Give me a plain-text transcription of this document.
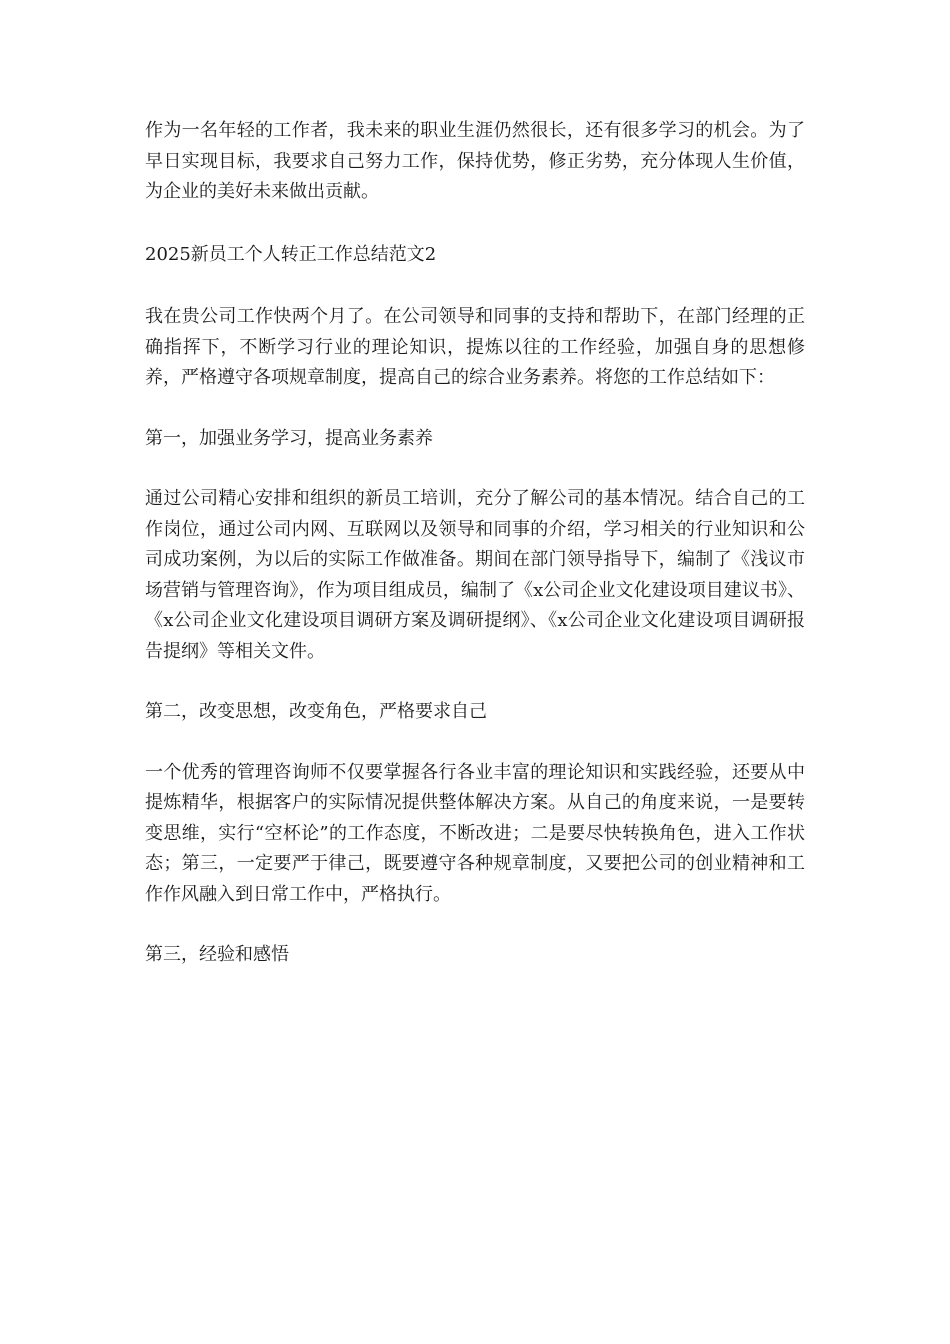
作为一名年轻的工作者，我未来的职业生涯仍然很长，还有很多学习的机会。为了早日实现目标，我要求自己努力工作，保持优势，修正劣势，充分体现人生价值，为企业的美好未来做出贡献。

2025新员工个人转正工作总结范文2

我在贵公司工作快两个月了。在公司领导和同事的支持和帮助下，在部门经理的正确指挥下，不断学习行业的理论知识，提炼以往的工作经验，加强自身的思想修养，严格遵守各项规章制度，提高自己的综合业务素养。将您的工作总结如下：

第一，加强业务学习，提高业务素养

通过公司精心安排和组织的新员工培训，充分了解公司的基本情况。结合自己的工作岗位，通过公司内网、互联网以及领导和同事的介绍，学习相关的行业知识和公司成功案例，为以后的实际工作做准备。期间在部门领导指导下，编制了《浅议市场营销与管理咨询》，作为项目组成员，编制了《x公司企业文化建设项目建议书》、《x公司企业文化建设项目调研方案及调研提纲》、《x公司企业文化建设项目调研报告提纲》等相关文件。

第二，改变思想，改变角色，严格要求自己

一个优秀的管理咨询师不仅要掌握各行各业丰富的理论知识和实践经验，还要从中提炼精华，根据客户的实际情况提供整体解决方案。从自己的角度来说，一是要转变思维，实行“空杯论”的工作态度，不断改进；二是要尽快转换角色，进入工作状态；第三，一定要严于律己，既要遵守各种规章制度，又要把公司的创业精神和工作作风融入到日常工作中，严格执行。

第三，经验和感悟
